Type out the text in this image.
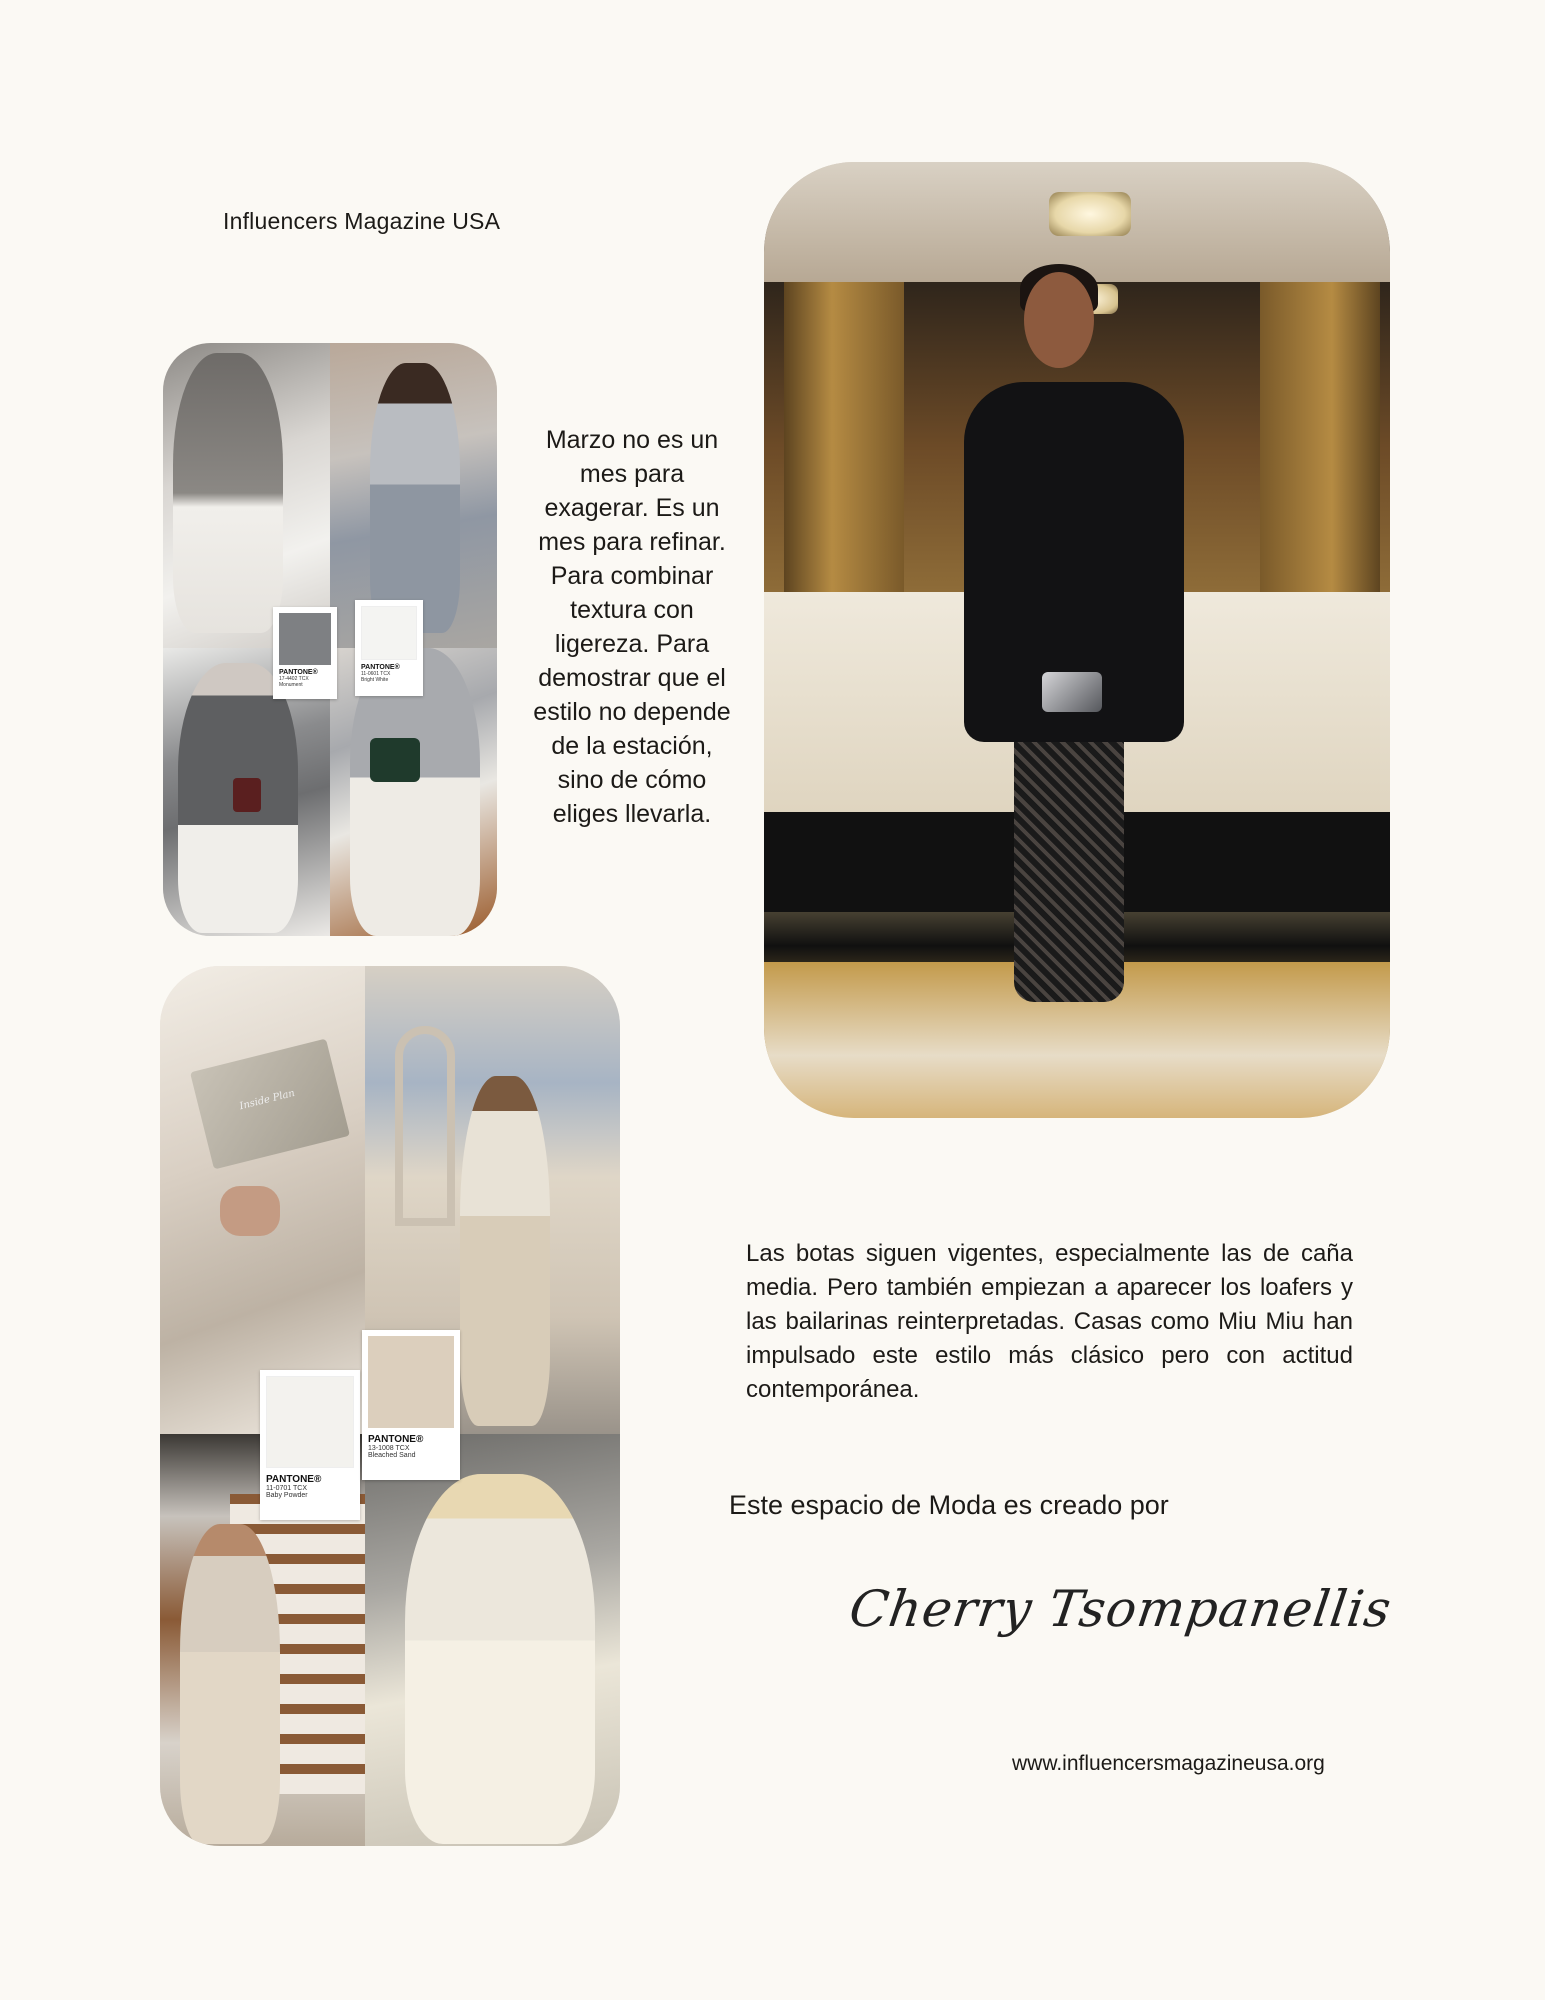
Influencers Magazine USA
PANTONE®
17-4402 TCX
Monument
PANTONE®
11-0601 TCX
Bright White
Marzo no es un mes para exagerar. Es un mes para refinar. Para combinar textura con ligereza. Para demostrar que el estilo no depende de la estación, sino de cómo eliges llevarla.
Inside Plan
PANTONE®
11-0701 TCX
Baby Powder
PANTONE®
13-1008 TCX
Bleached Sand
Las botas siguen vigentes, especialmente las de caña media. Pero también empiezan a aparecer los loafers y las bailarinas reinterpretadas. Casas como Miu Miu han impulsado este estilo más clásico pero con actitud contemporánea.
Este espacio de Moda es creado por
Cherry Tsompanellis
www.influencersmagazineusa.org
